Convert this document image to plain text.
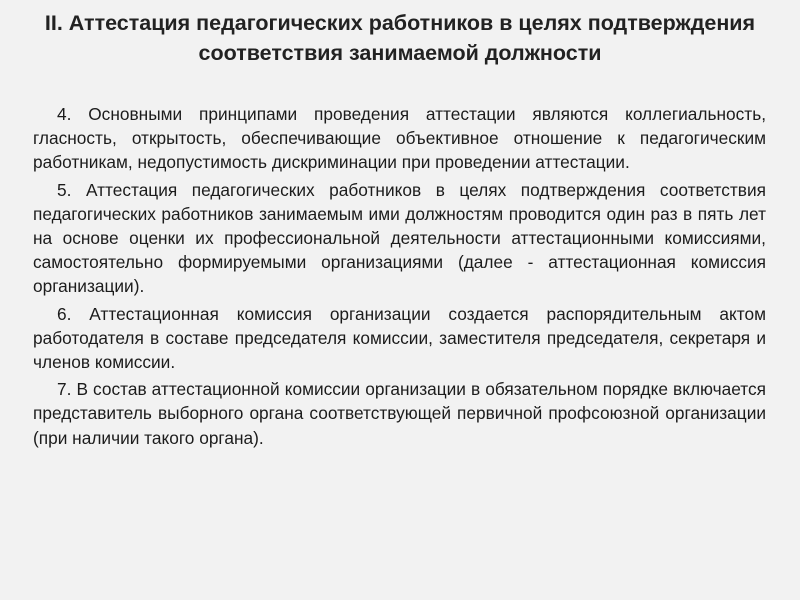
II. Аттестация педагогических работников в целях подтверждения соответствия занимаемой должности

4. Основными принципами проведения аттестации являются коллегиальность, гласность, открытость, обеспечивающие объективное отношение к педагогическим работникам, недопустимость дискриминации при проведении аттестации.

5. Аттестация педагогических работников в целях подтверждения соответствия педагогических работников занимаемым ими должностям проводится один раз в пять лет на основе оценки их профессиональной деятельности аттестационными комиссиями, самостоятельно формируемыми организациями (далее - аттестационная комиссия организации).

6. Аттестационная комиссия организации создается распорядительным актом работодателя в составе председателя комиссии, заместителя председателя, секретаря и членов комиссии.

7. В состав аттестационной комиссии организации в обязательном порядке включается представитель выборного органа соответствующей первичной профсоюзной организации (при наличии такого органа).
